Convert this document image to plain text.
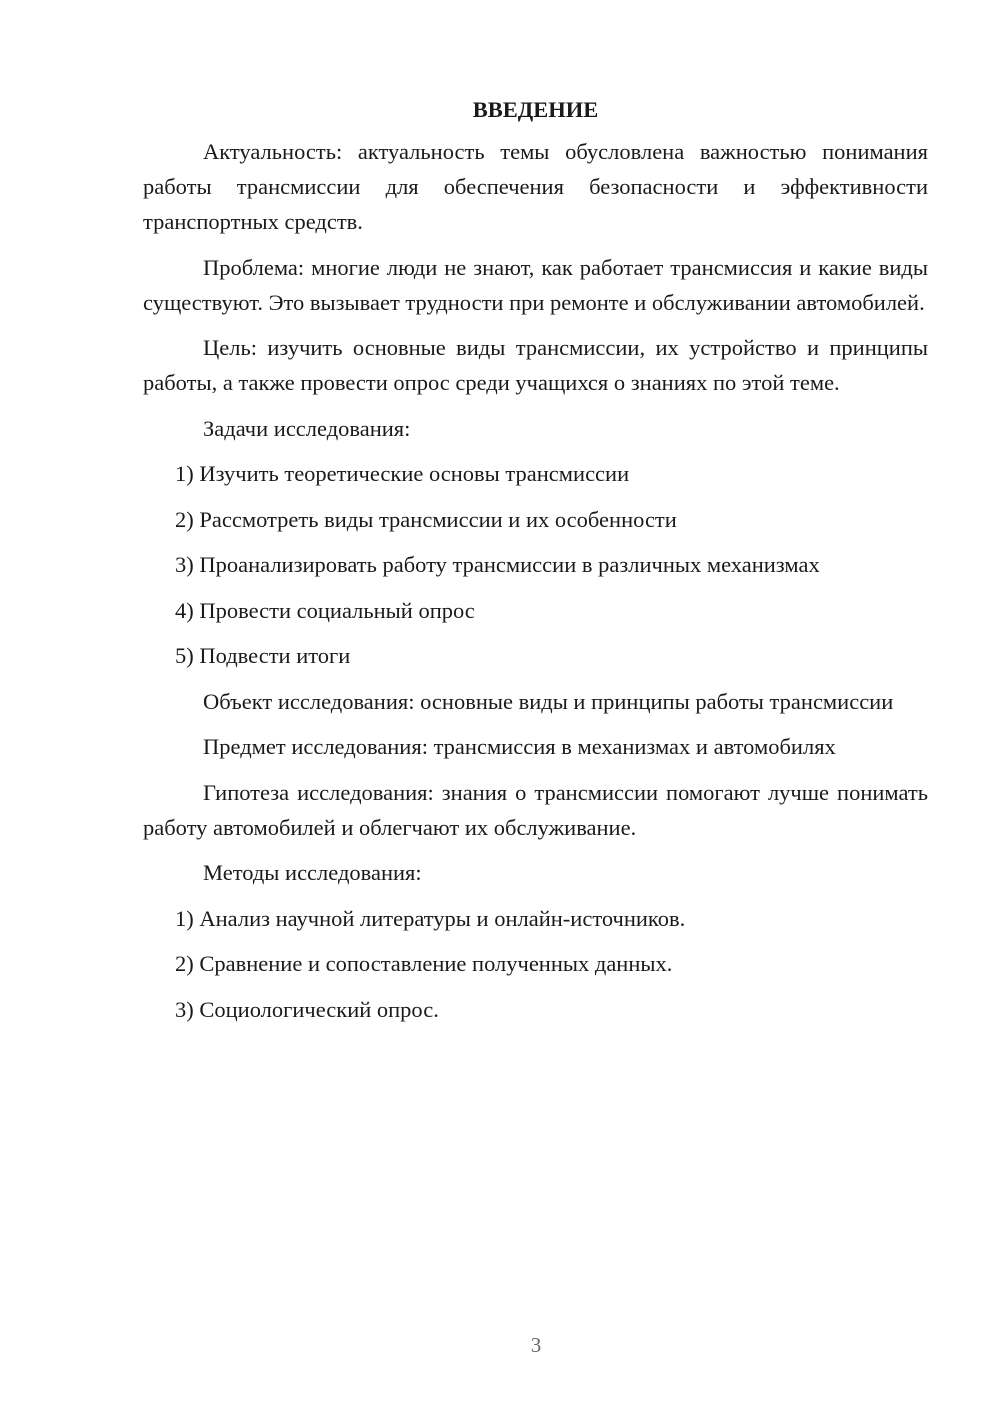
ВВЕДЕНИЕ

Актуальность: актуальность темы обусловлена важностью понимания работы трансмиссии для обеспечения безопасности и эффективности транспортных средств.

Проблема: многие люди не знают, как работает трансмиссия и какие виды существуют. Это вызывает трудности при ремонте и обслуживании автомобилей.

Цель: изучить основные виды трансмиссии, их устройство и принципы работы, а также провести опрос среди учащихся о знаниях по этой теме.

Задачи исследования:

1) Изучить теоретические основы трансмиссии
2) Рассмотреть виды трансмиссии и их особенности
3) Проанализировать работу трансмиссии в различных механизмах
4) Провести социальный опрос
5) Подвести итоги

Объект исследования: основные виды и принципы работы трансмиссии

Предмет исследования: трансмиссия в механизмах и автомобилях

Гипотеза исследования: знания о трансмиссии помогают лучше понимать работу автомобилей и облегчают их обслуживание.

Методы исследования:

1) Анализ научной литературы и онлайн-источников.
2) Сравнение и сопоставление полученных данных.
3) Социологический опрос.
3
